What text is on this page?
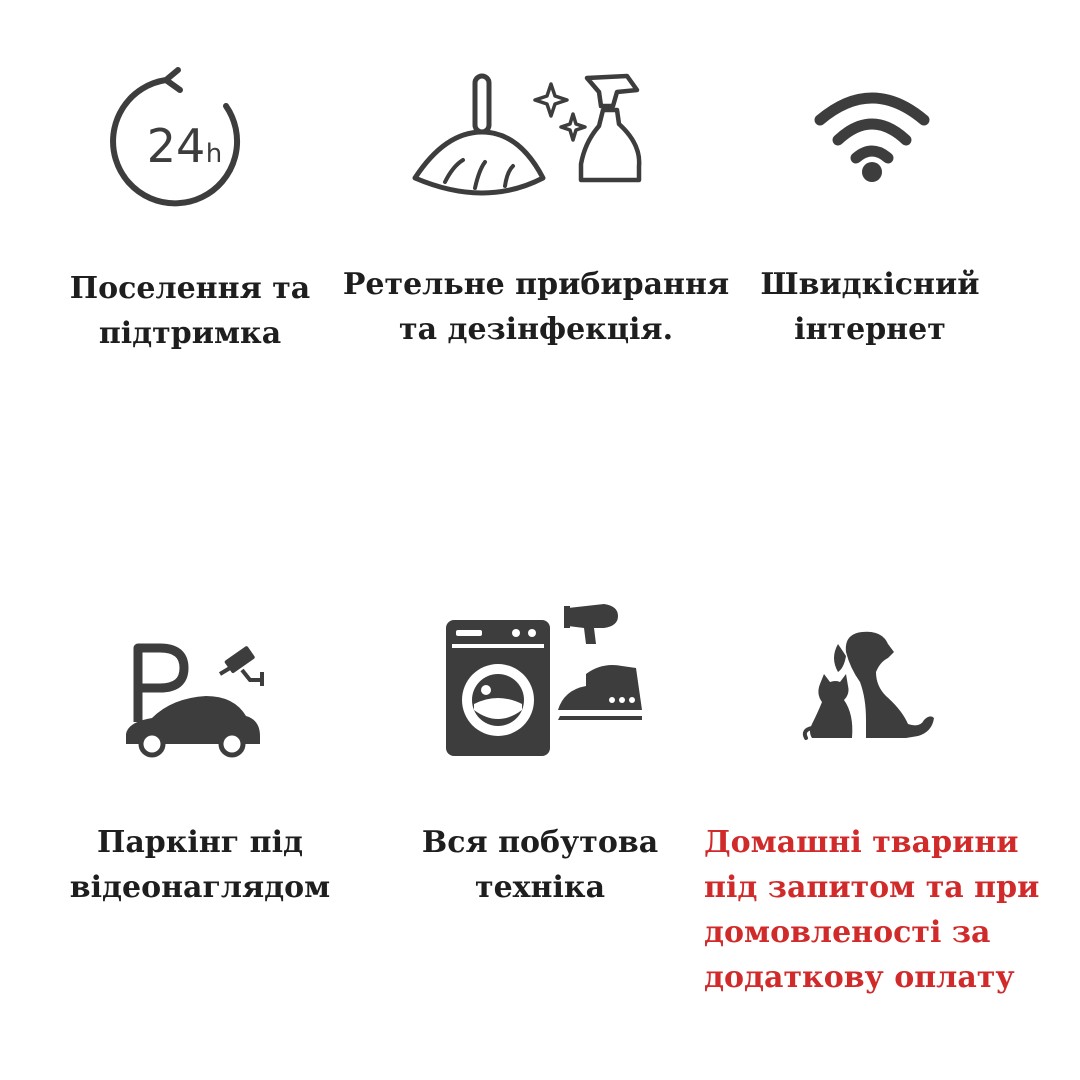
24 h
Поселення та
підтримка
Ретельне прибирання
та дезінфекція.
Швидкісний
інтернет
Паркінг під
відеонаглядом
Вся побутова
техніка
Домашні тварини
під запитом та при
домовленості за
додаткову оплату
